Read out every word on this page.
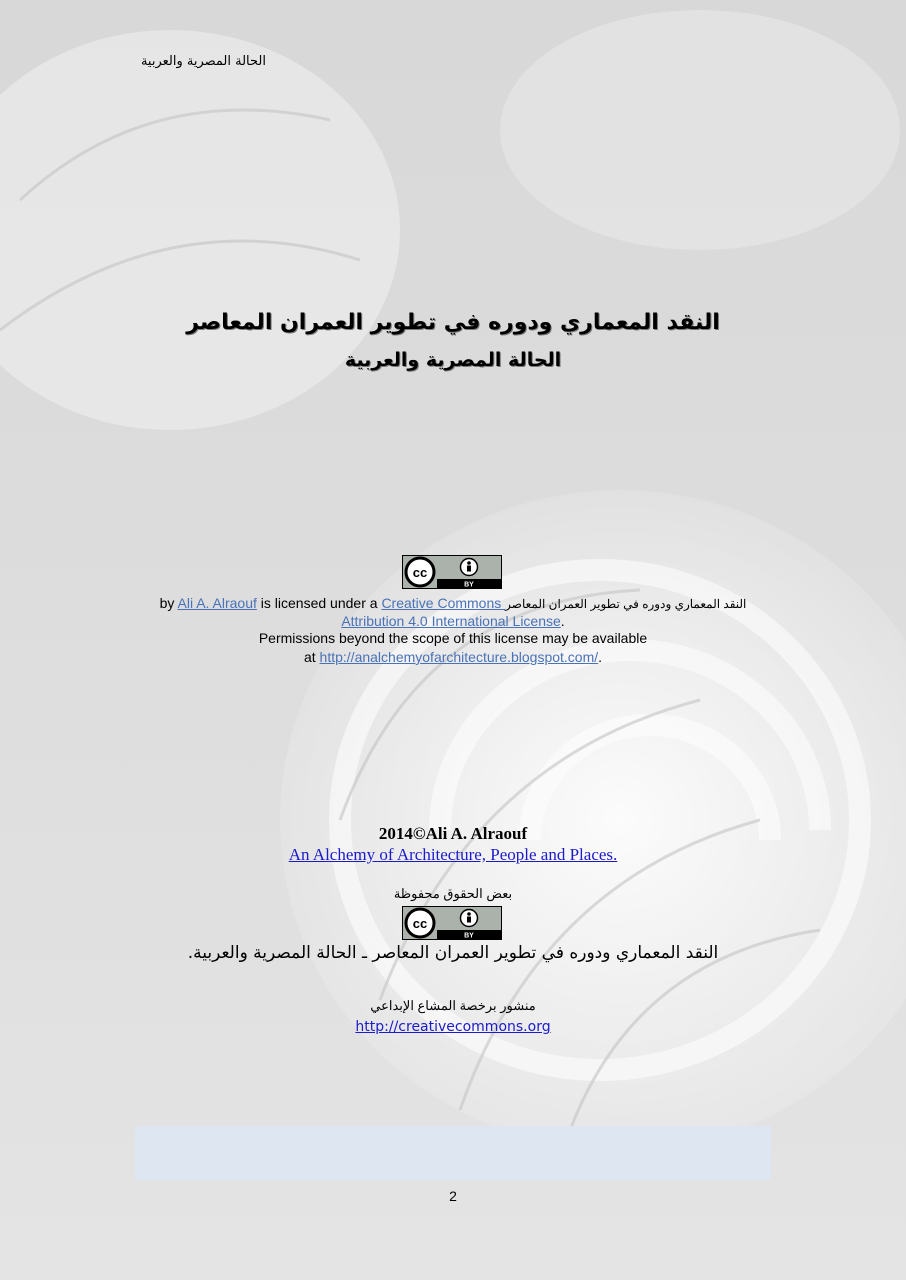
الحالة المصرية والعربية
النقد المعماري ودوره في تطوير العمران المعاصر
الحالة المصرية والعربية
cc
BY
by Ali A. Alraouf is licensed under a Creative Commons النقد المعماري ودوره في تطوير العمران المعاصر
Attribution 4.0 International License.
Permissions beyond the scope of this license may be available
at http://analchemyofarchitecture.blogspot.com/.
2014©Ali A. Alraouf
An Alchemy of Architecture, People and Places.
بعض الحقوق محفوظة
cc
BY
النقد المعماري ودوره في تطوير العمران المعاصر ـ الحالة المصرية والعربية.
منشور برخصة المشاع الإبداعي
http://creativecommons.org
2
